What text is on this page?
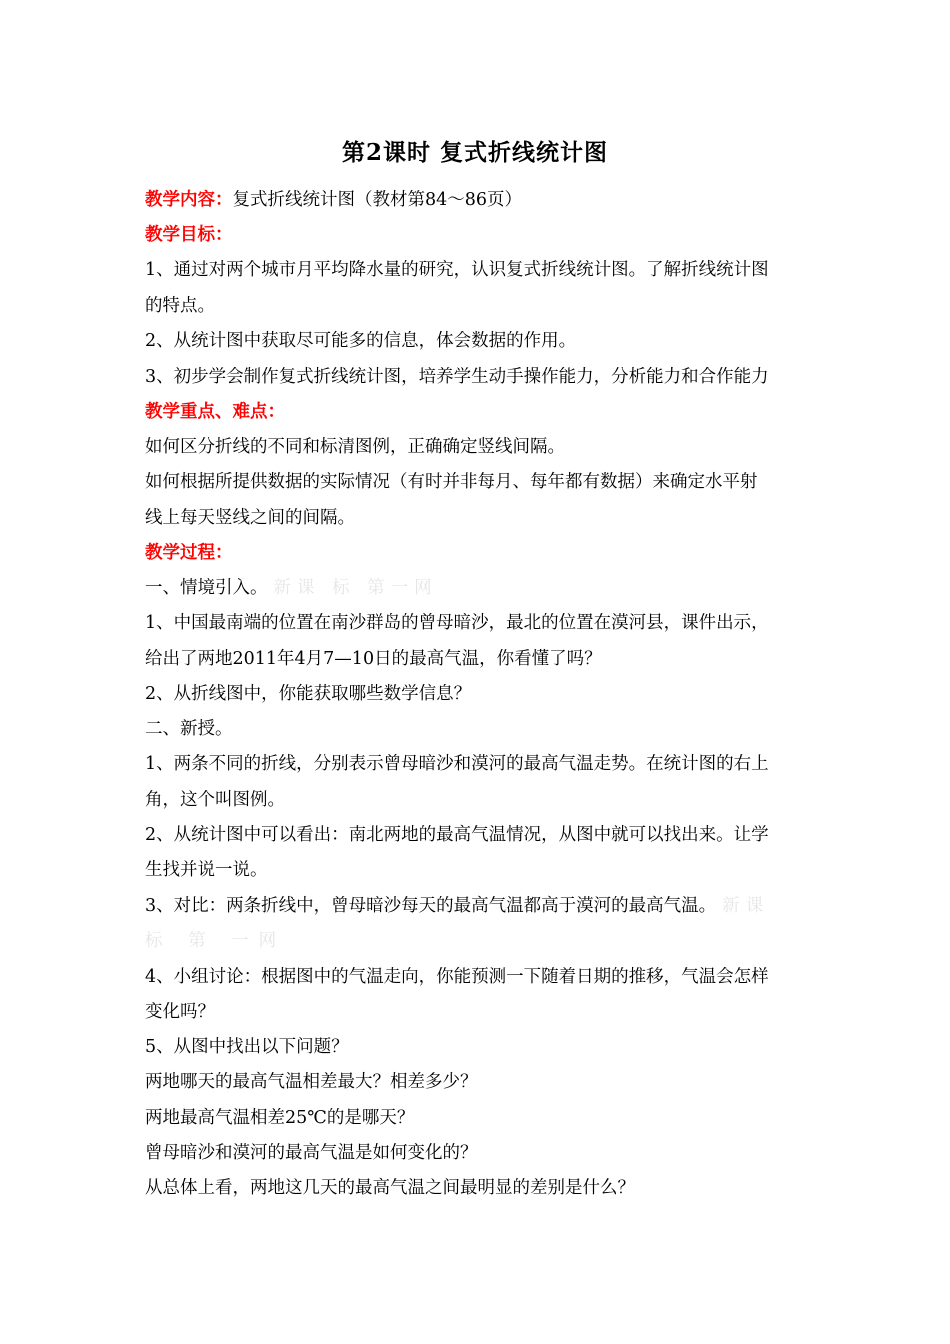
第2课时 复式折线统计图
教学内容：复式折线统计图（教材第84～86页）
教学目标：
1、通过对两个城市月平均降水量的研究，认识复式折线统计图。了解折线统计图
的特点。
2、从统计图中获取尽可能多的信息，体会数据的作用。
3、初步学会制作复式折线统计图，培养学生动手操作能力，分析能力和合作能力
教学重点、难点：
如何区分折线的不同和标清图例，正确确定竖线间隔。
如何根据所提供数据的实际情况（有时并非每月、每年都有数据）来确定水平射
线上每天竖线之间的间隔。
教学过程：
一、情境引入。 新课 标 第一网
1、中国最南端的位置在南沙群岛的曾母暗沙，最北的位置在漠河县，课件出示，
给出了两地2011年4月7—10日的最高气温，你看懂了吗？
2、从折线图中，你能获取哪些数学信息？
二、新授。
1、两条不同的折线，分别表示曾母暗沙和漠河的最高气温走势。在统计图的右上
角，这个叫图例。
2、从统计图中可以看出：南北两地的最高气温情况，从图中就可以找出来。让学
生找并说一说。
3、对比：两条折线中，曾母暗沙每天的最高气温都高于漠河的最高气温。 新课
标 第 一网
4、小组讨论：根据图中的气温走向，你能预测一下随着日期的推移，气温会怎样
变化吗？
5、从图中找出以下问题？
两地哪天的最高气温相差最大？相差多少？
两地最高气温相差25℃的是哪天？
曾母暗沙和漠河的最高气温是如何变化的？
从总体上看，两地这几天的最高气温之间最明显的差别是什么？
